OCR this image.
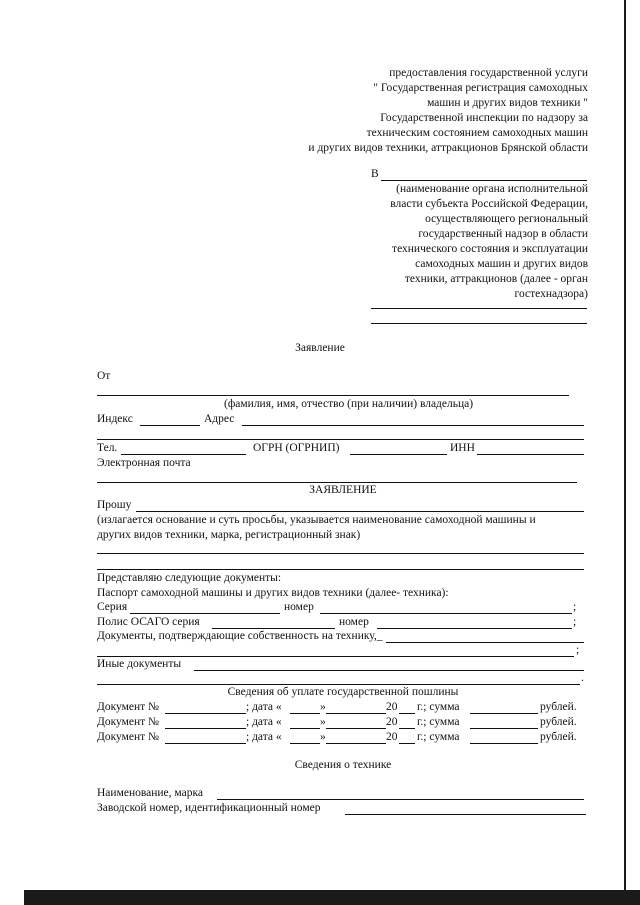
предоставления государственной услуги
" Государственная регистрация самоходных
машин и других видов техники "
Государственной инспекции по надзору за
техническим состоянием самоходных машин
и других видов техники, аттракционов Брянской области
В
(наименование органа исполнительной
власти субъекта Российской Федерации,
осуществляющего региональный
государственный надзор в области
технического состояния и эксплуатации
самоходных машин и других видов
техники, аттракционов (далее - орган
гостехнадзора)
Заявление
От
(фамилия, имя, отчество (при наличии) владельца)
Индекс	Адрес
Тел.	ОГРН (ОГРНИП)	ИНН
Электронная почта
ЗАЯВЛЕНИЕ
Прошу
(излагается основание и суть просьбы, указывается наименование самоходной машины и
других видов техники, марка, регистрационный знак)
Представляю следующие документы:
Паспорт самоходной машины и других видов техники (далее- техника):
Серия	номер	;
Полис ОСАГО серия	номер	;
Документы, подтверждающие собственность на технику,_
;
Иные документы
.
Сведения об уплате государственной пошлины
Документ №	; дата «	»	20 г.; сумма	рублей.
Документ №	; дата «	»	20 г.; сумма	рублей.
Документ №	; дата «	»	20 г.; сумма	рублей.
Сведения о технике
Наименование, марка
Заводской номер, идентификационный номер
